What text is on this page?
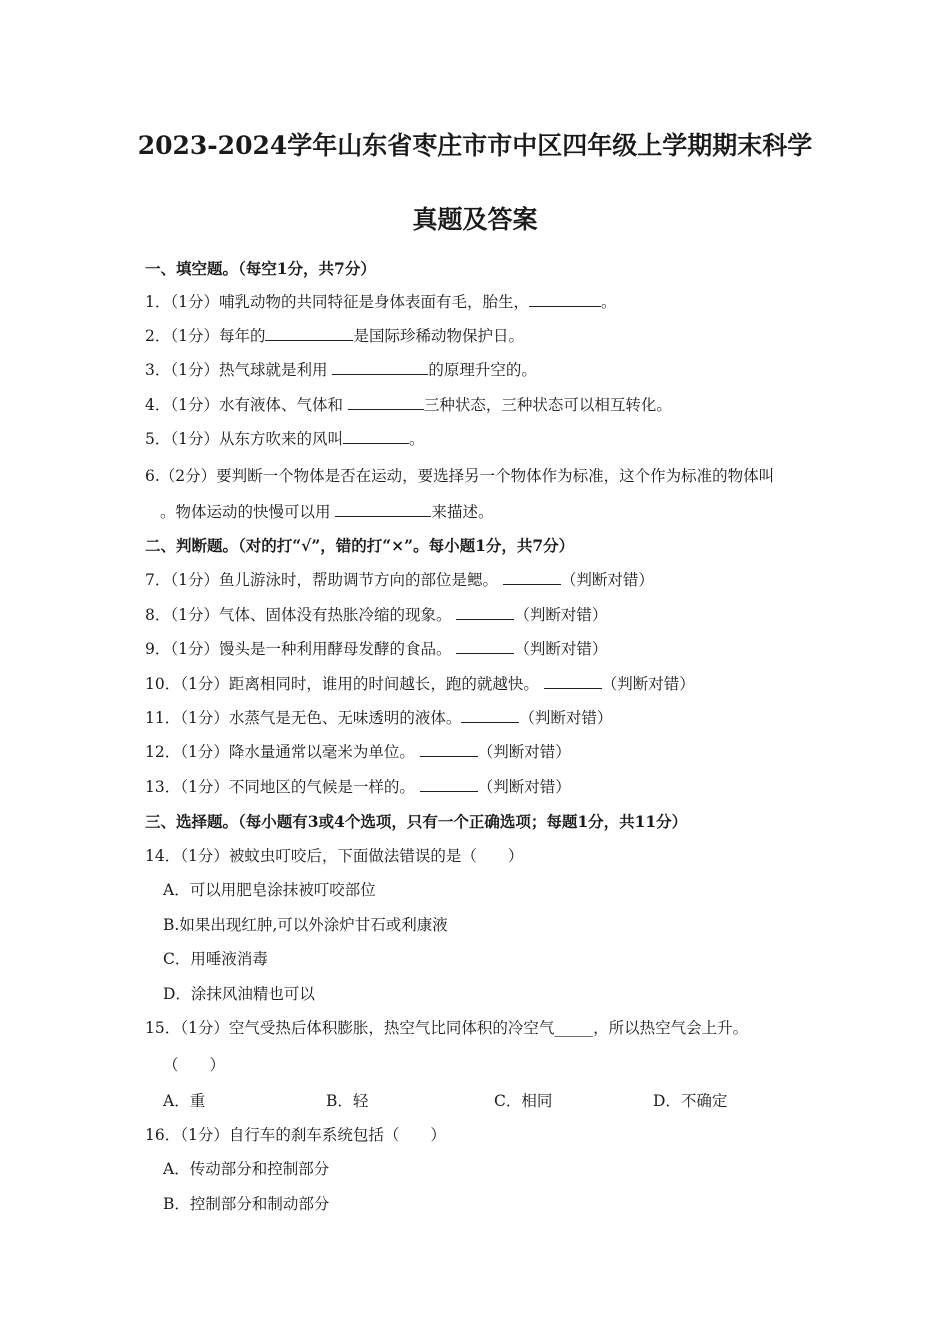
2023-2024学年山东省枣庄市市中区四年级上学期期末科学
真题及答案
一、填空题。（每空1分，共7分）
1．（1分）哺乳动物的共同特征是身体表面有毛，胎生，	。
2．（1分）每年的	是国际珍稀动物保护日。
3．（1分）热气球就是利用	的原理升空的。
4．（1分）水有液体、气体和	三种状态，三种状态可以相互转化。
5．（1分）从东方吹来的风叫	。
6.（2分）要判断一个物体是否在运动，要选择另一个物体作为标准，这个作为标准的物体叫
。物体运动的快慢可以用	来描述。
二、判断题。（对的打“√”，错的打“×”。每小题1分，共7分）
7．（1分）鱼儿游泳时，帮助调节方向的部位是鳃。	（判断对错）
8．（1分）气体、固体没有热胀冷缩的现象。	（判断对错）
9．（1分）馒头是一种利用酵母发酵的食品。	（判断对错）
10．（1分）距离相同时，谁用的时间越长，跑的就越快。	（判断对错）
11．（1分）水蒸气是无色、无味透明的液体。	（判断对错）
12．（1分）降水量通常以毫米为单位。	（判断对错）
13．（1分）不同地区的气候是一样的。	（判断对错）
三、选择题。（每小题有3或4个选项，只有一个正确选项；每题1分，共11分）
14．（1分）被蚊虫叮咬后，下面做法错误的是（　　）
A．可以用肥皂涂抹被叮咬部位
B.如果出现红肿,可以外涂炉甘石或利康液
C．用唾液消毒
D．涂抹风油精也可以
15．（1分）空气受热后体积膨胀，热空气比同体积的冷空气_____，所以热空气会上升。
（　　）
A．重	B．轻	C．相同	D．不确定
16．（1分）自行车的刹车系统包括（　　）
A．传动部分和控制部分
B．控制部分和制动部分
